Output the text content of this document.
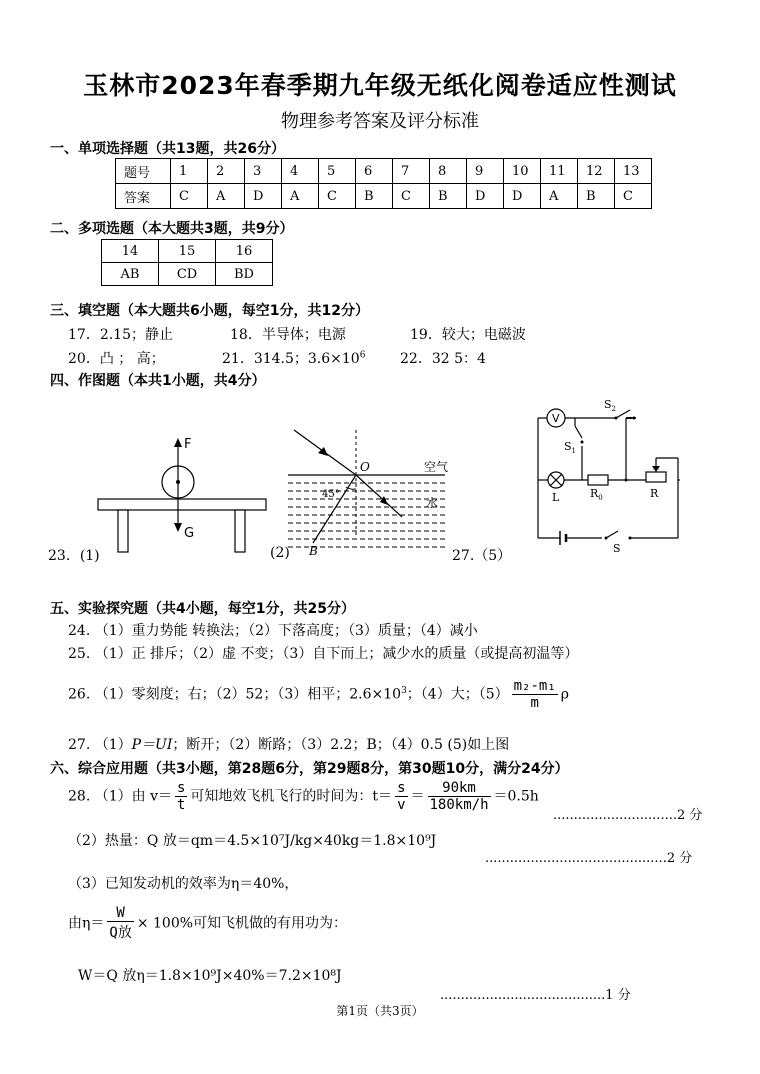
玉林市2023年春季期九年级无纸化阅卷适应性测试
物理参考答案及评分标准
一、单项选择题（共13题，共26分）
题号	1	2	3	4	5	6	7	8	9	10	11	12	13
答案	C	A	D	A	C	B	C	B	D	D	A	B	C
二、多项选题（本大题共3题，共9分）
14	15	16
AB	CD	BD
三、填空题（本大题共6小题，每空1分，共12分）
17．2.15；静止	18．半导体；电源	19．较大；电磁波
20．凸 ； 高；	21．314.5；$3.6\times 10^6$ 22．32 5：4
四、作图题（本共1小题，共4分）
F
G
O
45°
空气
水
B
23．(1)	(2)	27.（5）
V
$S_2$
$S_1$
L	$R_0$	R
S
五、实验探究题（共4小题，每空1分，共25分）
24. （1）重力势能 转换法；（2）下落高度；（3）质量；（4）减小
25. （1）正 排斥；（2）虚 不变；（3）自下而上；减少水的质量（或提高初温等）
26. （1）零刻度；右；（2）52；（3）相平；$2.6\times 10^3$；（4）大；$(5) \frac{\text{m₂-m₁}}{m}$ ρ
27. （1）P＝UI；断开；（2）断路；（3）2.2；B；（4）0.5 (5)如上图
六、综合应用题（共3小题，第28题6分，第29题8分，第30题10分，满分24分）
28. （1）由 $v= \frac{s}{t}$ 可知地效飞机飞行的时间为：$t= \frac{s}{v} = \frac{90km}{180km/h} =0.5h$
..............................2 分
（2）热量：Q 放＝qm＝4.5×10⁷J/kg×40kg＝1.8×10⁹J
............................................2 分
（3）已知发动机的效率为η＝40%，
由$\eta= \frac{W}{\text{Q放}} \times 100\%$可知飞机做的有用功为：
W＝Q 放η＝1.8×10⁹J×40%＝7.2×10⁸J
........................................1 分
第1页（共3页）
